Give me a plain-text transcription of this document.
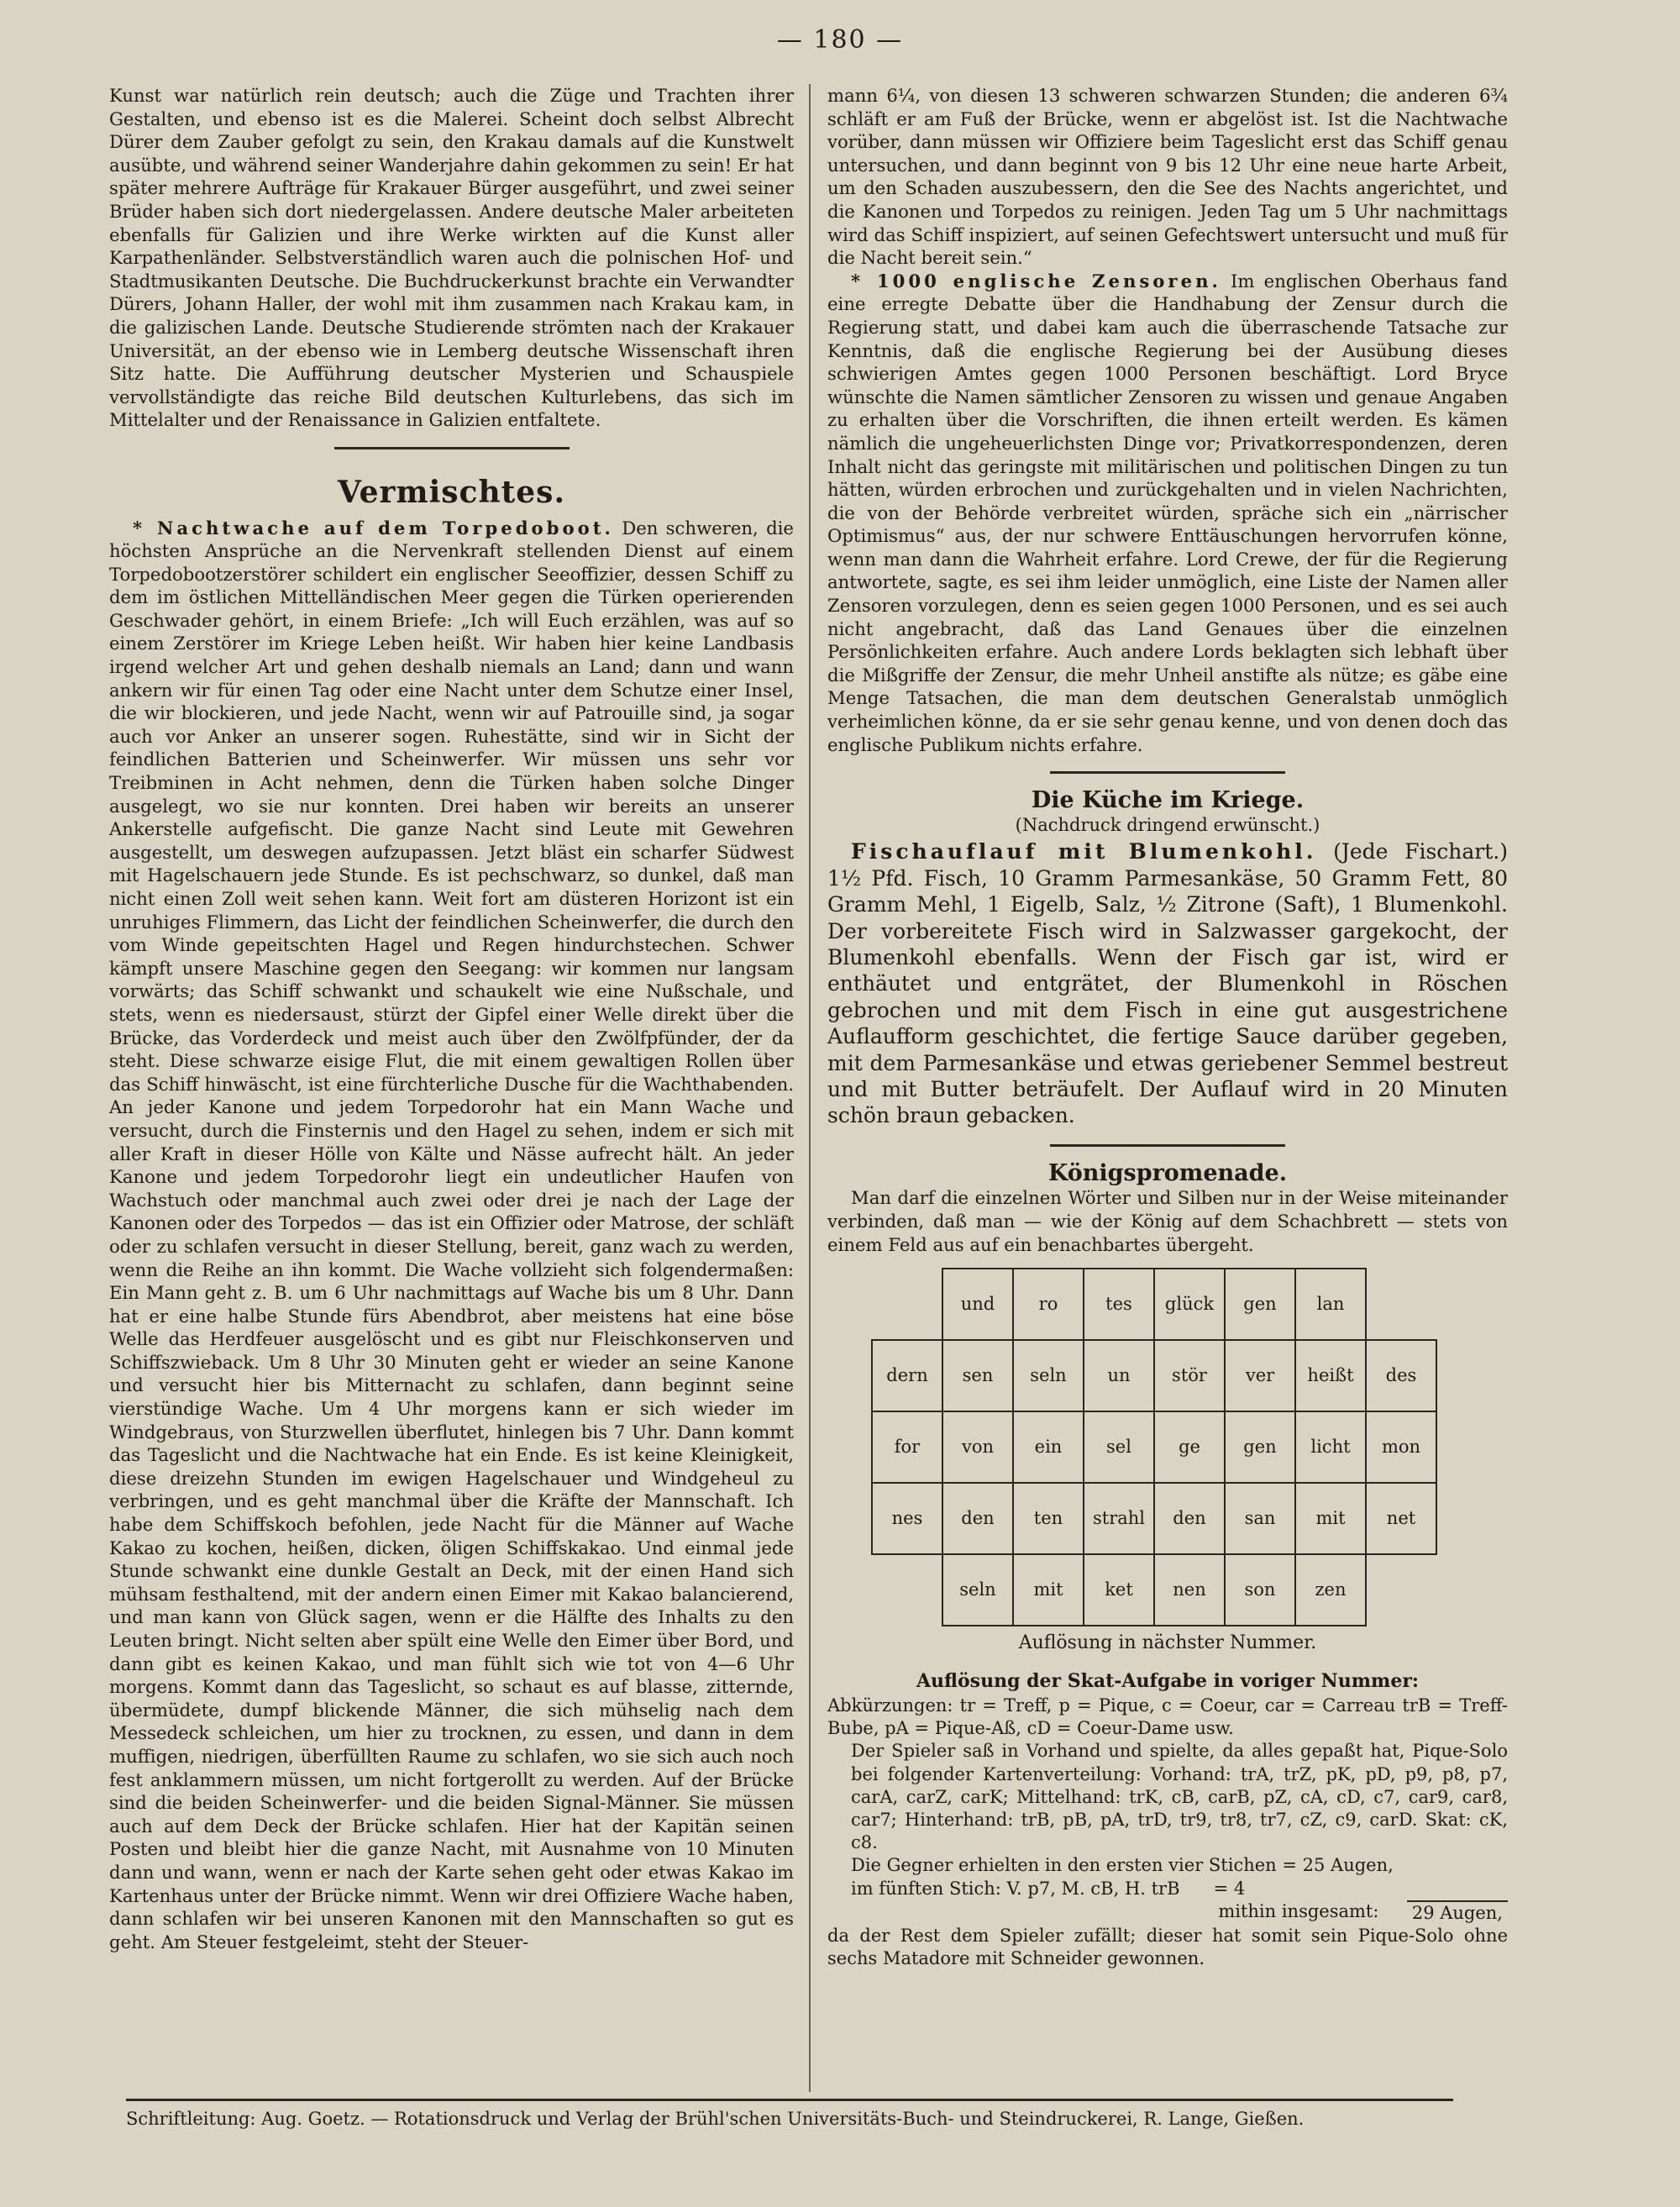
— 180 —

Kunst war natürlich rein deutsch; auch die Züge und Trachten ihrer Gestalten, und ebenso ist es die Malerei. Scheint doch selbst Albrecht Dürer dem Zauber gefolgt zu sein, den Krakau damals auf die Kunstwelt ausübte, und während seiner Wanderjahre dahin gekommen zu sein! Er hat später mehrere Aufträge für Krakauer Bürger ausgeführt, und zwei seiner Brüder haben sich dort niedergelassen. Andere deutsche Maler arbeiteten ebenfalls für Galizien und ihre Werke wirkten auf die Kunst aller Karpathenländer. Selbstverständlich waren auch die polnischen Hof- und Stadtmusikanten Deutsche. Die Buchdruckerkunst brachte ein Verwandter Dürers, Johann Haller, der wohl mit ihm zusammen nach Krakau kam, in die galizischen Lande. Deutsche Studierende strömten nach der Krakauer Universität, an der ebenso wie in Lemberg deutsche Wissenschaft ihren Sitz hatte. Die Aufführung deutscher Mysterien und Schauspiele vervollständigte das reiche Bild deutschen Kulturlebens, das sich im Mittelalter und der Renaissance in Galizien entfaltete.

Vermischtes.

* Nachtwache auf dem Torpedoboot. Den schweren, die höchsten Ansprüche an die Nervenkraft stellenden Dienst auf einem Torpedobootzerstörer schildert ein englischer Seeoffizier, dessen Schiff zu dem im östlichen Mittelländischen Meer gegen die Türken operierenden Geschwader gehört, in einem Briefe: „Ich will Euch erzählen, was auf so einem Zerstörer im Kriege Leben heißt. Wir haben hier keine Landbasis irgend welcher Art und gehen deshalb niemals an Land; dann und wann ankern wir für einen Tag oder eine Nacht unter dem Schutze einer Insel, die wir blockieren, und jede Nacht, wenn wir auf Patrouille sind, ja sogar auch vor Anker an unserer sogen. Ruhestätte, sind wir in Sicht der feindlichen Batterien und Scheinwerfer. Wir müssen uns sehr vor Treibminen in Acht nehmen, denn die Türken haben solche Dinger ausgelegt, wo sie nur konnten. Drei haben wir bereits an unserer Ankerstelle aufgefischt. Die ganze Nacht sind Leute mit Gewehren ausgestellt, um deswegen aufzupassen. Jetzt bläst ein scharfer Südwest mit Hagelschauern jede Stunde. Es ist pechschwarz, so dunkel, daß man nicht einen Zoll weit sehen kann. Weit fort am düsteren Horizont ist ein unruhiges Flimmern, das Licht der feindlichen Scheinwerfer, die durch den vom Winde gepeitschten Hagel und Regen hindurchstechen. Schwer kämpft unsere Maschine gegen den Seegang: wir kommen nur langsam vorwärts; das Schiff schwankt und schaukelt wie eine Nußschale, und stets, wenn es niedersaust, stürzt der Gipfel einer Welle direkt über die Brücke, das Vorderdeck und meist auch über den Zwölfpfünder, der da steht. Diese schwarze eisige Flut, die mit einem gewaltigen Rollen über das Schiff hinwäscht, ist eine fürchterliche Dusche für die Wachthabenden. An jeder Kanone und jedem Torpedorohr hat ein Mann Wache und versucht, durch die Finsternis und den Hagel zu sehen, indem er sich mit aller Kraft in dieser Hölle von Kälte und Nässe aufrecht hält. An jeder Kanone und jedem Torpedorohr liegt ein undeutlicher Haufen von Wachstuch oder manchmal auch zwei oder drei je nach der Lage der Kanonen oder des Torpedos — das ist ein Offizier oder Matrose, der schläft oder zu schlafen versucht in dieser Stellung, bereit, ganz wach zu werden, wenn die Reihe an ihn kommt. Die Wache vollzieht sich folgendermaßen: Ein Mann geht z. B. um 6 Uhr nachmittags auf Wache bis um 8 Uhr. Dann hat er eine halbe Stunde fürs Abendbrot, aber meistens hat eine böse Welle das Herdfeuer ausgelöscht und es gibt nur Fleischkonserven und Schiffszwieback. Um 8 Uhr 30 Minuten geht er wieder an seine Kanone und versucht hier bis Mitternacht zu schlafen, dann beginnt seine vierstündige Wache. Um 4 Uhr morgens kann er sich wieder im Windgebraus, von Sturzwellen überflutet, hinlegen bis 7 Uhr. Dann kommt das Tageslicht und die Nachtwache hat ein Ende. Es ist keine Kleinigkeit, diese dreizehn Stunden im ewigen Hagelschauer und Windgeheul zu verbringen, und es geht manchmal über die Kräfte der Mannschaft. Ich habe dem Schiffskoch befohlen, jede Nacht für die Männer auf Wache Kakao zu kochen, heißen, dicken, öligen Schiffskakao. Und einmal jede Stunde schwankt eine dunkle Gestalt an Deck, mit der einen Hand sich mühsam festhaltend, mit der andern einen Eimer mit Kakao balancierend, und man kann von Glück sagen, wenn er die Hälfte des Inhalts zu den Leuten bringt. Nicht selten aber spült eine Welle den Eimer über Bord, und dann gibt es keinen Kakao, und man fühlt sich wie tot von 4—6 Uhr morgens. Kommt dann das Tageslicht, so schaut es auf blasse, zitternde, übermüdete, dumpf blickende Männer, die sich mühselig nach dem Messedeck schleichen, um hier zu trocknen, zu essen, und dann in dem muffigen, niedrigen, überfüllten Raume zu schlafen, wo sie sich auch noch fest anklammern müssen, um nicht fortgerollt zu werden. Auf der Brücke sind die beiden Scheinwerfer- und die beiden Signal-Männer. Sie müssen auch auf dem Deck der Brücke schlafen. Hier hat der Kapitän seinen Posten und bleibt hier die ganze Nacht, mit Ausnahme von 10 Minuten dann und wann, wenn er nach der Karte sehen geht oder etwas Kakao im Kartenhaus unter der Brücke nimmt. Wenn wir drei Offiziere Wache haben, dann schlafen wir bei unseren Kanonen mit den Mannschaften so gut es geht. Am Steuer festgeleimt, steht der Steuer-

mann 6¼, von diesen 13 schweren schwarzen Stunden; die anderen 6¾ schläft er am Fuß der Brücke, wenn er abgelöst ist. Ist die Nachtwache vorüber, dann müssen wir Offiziere beim Tageslicht erst das Schiff genau untersuchen, und dann beginnt von 9 bis 12 Uhr eine neue harte Arbeit, um den Schaden auszubessern, den die See des Nachts angerichtet, und die Kanonen und Torpedos zu reinigen. Jeden Tag um 5 Uhr nachmittags wird das Schiff inspiziert, auf seinen Gefechtswert untersucht und muß für die Nacht bereit sein.“

* 1000 englische Zensoren. Im englischen Oberhaus fand eine erregte Debatte über die Handhabung der Zensur durch die Regierung statt, und dabei kam auch die überraschende Tatsache zur Kenntnis, daß die englische Regierung bei der Ausübung dieses schwierigen Amtes gegen 1000 Personen beschäftigt. Lord Bryce wünschte die Namen sämtlicher Zensoren zu wissen und genaue Angaben zu erhalten über die Vorschriften, die ihnen erteilt werden. Es kämen nämlich die ungeheuerlichsten Dinge vor; Privatkorrespondenzen, deren Inhalt nicht das geringste mit militärischen und politischen Dingen zu tun hätten, würden erbrochen und zurückgehalten und in vielen Nachrichten, die von der Behörde verbreitet würden, spräche sich ein „närrischer Optimismus“ aus, der nur schwere Enttäuschungen hervorrufen könne, wenn man dann die Wahrheit erfahre. Lord Crewe, der für die Regierung antwortete, sagte, es sei ihm leider unmöglich, eine Liste der Namen aller Zensoren vorzulegen, denn es seien gegen 1000 Personen, und es sei auch nicht angebracht, daß das Land Genaues über die einzelnen Persönlichkeiten erfahre. Auch andere Lords beklagten sich lebhaft über die Mißgriffe der Zensur, die mehr Unheil anstifte als nütze; es gäbe eine Menge Tatsachen, die man dem deutschen Generalstab unmöglich verheimlichen könne, da er sie sehr genau kenne, und von denen doch das englische Publikum nichts erfahre.

Die Küche im Kriege.
(Nachdruck dringend erwünscht.)

Fischauflauf mit Blumenkohl. (Jede Fischart.) 1½ Pfd. Fisch, 10 Gramm Parmesankäse, 50 Gramm Fett, 80 Gramm Mehl, 1 Eigelb, Salz, ½ Zitrone (Saft), 1 Blumenkohl. Der vorbereitete Fisch wird in Salzwasser gargekocht, der Blumenkohl ebenfalls. Wenn der Fisch gar ist, wird er enthäutet und entgrätet, der Blumenkohl in Röschen gebrochen und mit dem Fisch in eine gut ausgestrichene Auflaufform geschichtet, die fertige Sauce darüber gegeben, mit dem Parmesankäse und etwas geriebener Semmel bestreut und mit Butter beträufelt. Der Auflauf wird in 20 Minuten schön braun gebacken.

Königspromenade.

Man darf die einzelnen Wörter und Silben nur in der Weise miteinander verbinden, daß man — wie der König auf dem Schachbrett — stets von einem Feld aus auf ein benachbartes übergeht.

	und	ro	tes	glück	gen	lan	
dern	sen	seln	un	stör	ver	heißt	des
for	von	ein	sel	ge	gen	licht	mon
nes	den	ten	strahl	den	san	mit	net
	seln	mit	ket	nen	son	zen	
Auflösung in nächster Nummer.
Auflösung der Skat-Aufgabe in voriger Nummer:

Abkürzungen: tr = Treff, p = Pique, c = Coeur, car = Carreau trB = Treff-Bube, pA = Pique-Aß, cD = Coeur-Dame usw.

Der Spieler saß in Vorhand und spielte, da alles gepaßt hat, Pique-Solo bei folgender Kartenverteilung: Vorhand: trA, trZ, pK, pD, p9, p8, p7, carA, carZ, carK; Mittelhand: trK, cB, carB, pZ, cA, cD, c7, car9, car8, car7; Hinterhand: trB, pB, pA, trD, tr9, tr8, tr7, cZ, c9, carD. Skat: cK, c8.

Die Gegner erhielten in den ersten vier Stichen = 25 Augen,

im fünften Stich: V. p7, M. cB, H. trB = 4

mithin insgesamt:
29 Augen,

da der Rest dem Spieler zufällt; dieser hat somit sein Pique-Solo ohne sechs Matadore mit Schneider gewonnen.

Schriftleitung: Aug. Goetz. — Rotationsdruck und Verlag der Brühl'schen Universitäts-Buch- und Steindruckerei, R. Lange, Gießen.
